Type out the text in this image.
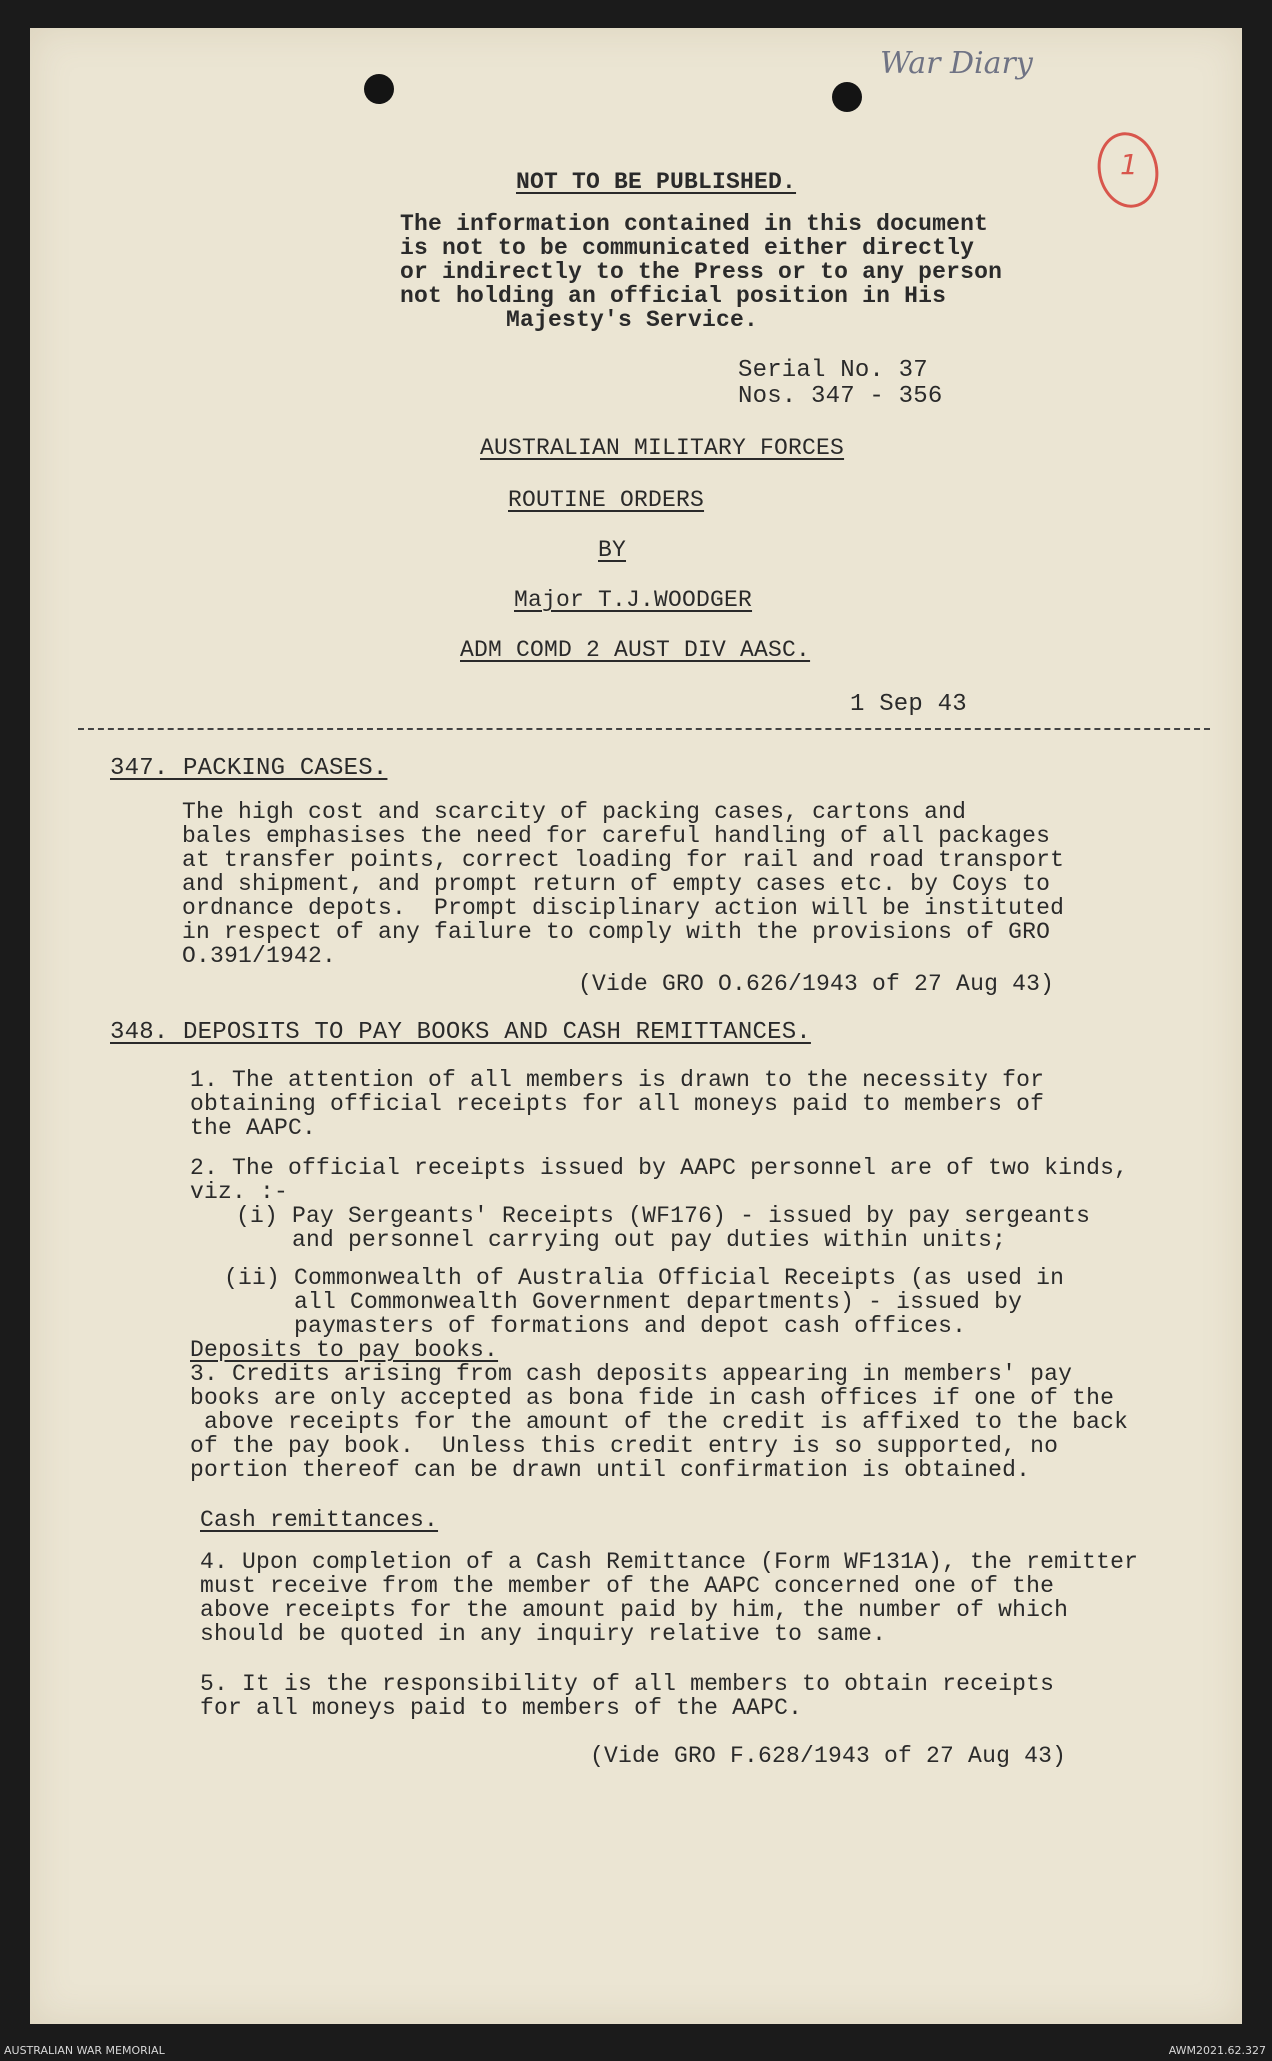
War Diary
1
NOT TO BE PUBLISHED.
The information contained in this document
is not to be communicated either directly
or indirectly to the Press or to any person
not holding an official position in His
Majesty's Service.
Serial No. 37
Nos. 347 - 356
AUSTRALIAN MILITARY FORCES
ROUTINE ORDERS
BY
Major T.J.WOODGER
ADM COMD 2 AUST DIV AASC.
1 Sep 43
347. PACKING CASES.
The high cost and scarcity of packing cases, cartons and
bales emphasises the need for careful handling of all packages
at transfer points, correct loading for rail and road transport
and shipment, and prompt return of empty cases etc. by Coys to
ordnance depots.  Prompt disciplinary action will be instituted
in respect of any failure to comply with the provisions of GRO
O.391/1942.
(Vide GRO O.626/1943 of 27 Aug 43)
348. DEPOSITS TO PAY BOOKS AND CASH REMITTANCES.
1. The attention of all members is drawn to the necessity for
obtaining official receipts for all moneys paid to members of
the AAPC.
2. The official receipts issued by AAPC personnel are of two kinds,
viz. :-
(i) Pay Sergeants' Receipts (WF176) - issued by pay sergeants
and personnel carrying out pay duties within units;
(ii) Commonwealth of Australia Official Receipts (as used in
all Commonwealth Government departments) - issued by
paymasters of formations and depot cash offices.
Deposits to pay books.
3. Credits arising from cash deposits appearing in members' pay
books are only accepted as bona fide in cash offices if one of the
above receipts for the amount of the credit is affixed to the back
of the pay book.  Unless this credit entry is so supported, no
portion thereof can be drawn until confirmation is obtained.
Cash remittances.
4. Upon completion of a Cash Remittance (Form WF131A), the remitter
must receive from the member of the AAPC concerned one of the
above receipts for the amount paid by him, the number of which
should be quoted in any inquiry relative to same.
5. It is the responsibility of all members to obtain receipts
for all moneys paid to members of the AAPC.
(Vide GRO F.628/1943 of 27 Aug 43)
AUSTRALIAN WAR MEMORIAL	AWM2021.62.327
